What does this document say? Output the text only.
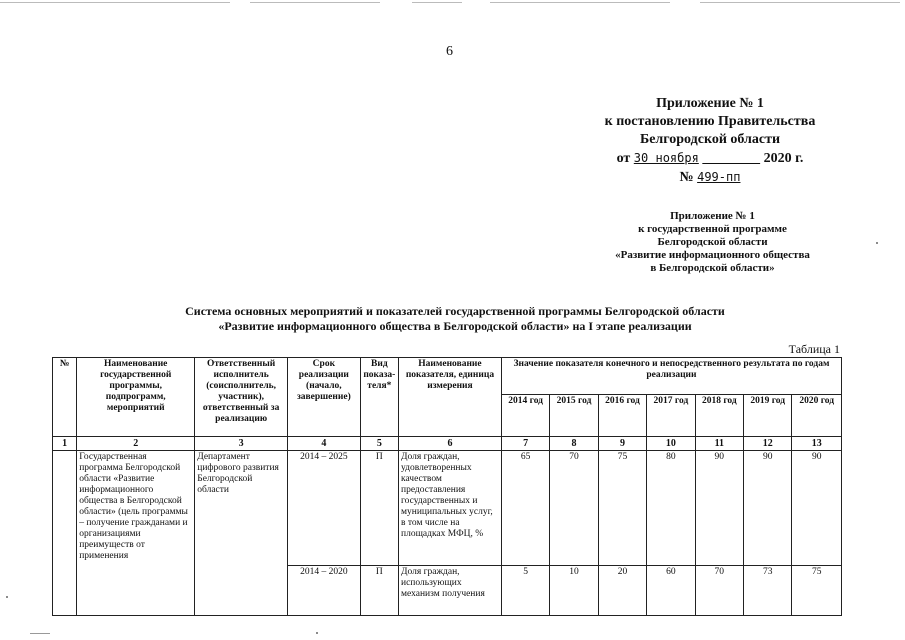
6
Приложение № 1
к постановлению Правительства
Белгородской области
от 30 ноября	2020 г.
№ 499-пп
Приложение № 1
к государственной программе
Белгородской области
«Развитие информационного общества
в Белгородской области»
Система основных мероприятий и показателей государственной программы Белгородской области
«Развитие информационного общества в Белгородской области» на I этапе реализации
Таблица 1
№	Наименование государственной программы, подпрограмм, мероприятий	Ответственный исполнитель (соисполнитель, участник), ответственный за реализацию	Срок реализации (начало, завершение)	Вид показа-теля*	Наименование показателя, единица измерения	Значение показателя конечного и непосредственного результата по годам реализации						
						2014 год	2015 год	2016 год	2017 год	2018 год	2019 год	2020 год
1	2	3	4	5	6	7	8	9	10	11	12	13
	Государственная программа Белгородской области «Развитие информационного общества в Белгородской области» (цель программы – получение гражданами и организациями преимуществ от применения	Департамент цифрового развития Белгородской области	2014 – 2025	П	Доля граждан, удовлетворенных качеством предоставления государственных и муниципальных услуг, в том числе на площадках МФЦ, %	65	70	75	80	90	90	90
			2014 – 2020	П	Доля граждан, использующих механизм получения	5	10	20	60	70	73	75
